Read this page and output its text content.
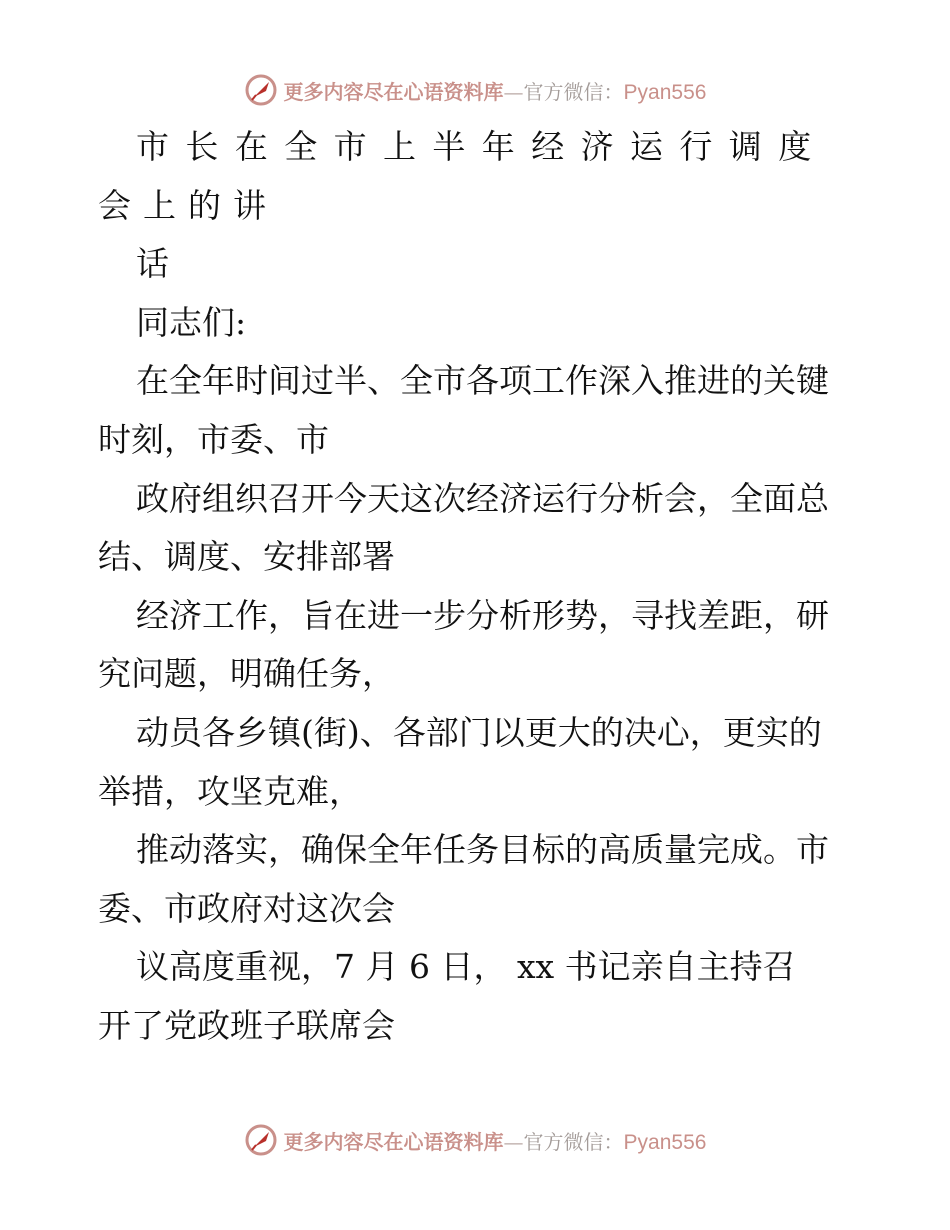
更多内容尽在心语资料库 — 官方微信： Pyan556
市长在全市上半年经济运行调度
会上的讲
话
同志们:
在全年时间过半、全市各项工作深入推进的关键
时刻，市委、市
政府组织召开今天这次经济运行分析会，全面总
结、调度、安排部署
经济工作，旨在进一步分析形势，寻找差距，研
究问题，明确任务，
动员各乡镇(街)、各部门以更大的决心，更实的
举措，攻坚克难，
推动落实，确保全年任务目标的高质量完成。市
委、市政府对这次会
议高度重视，7 月 6 日， xx 书记亲自主持召
开了党政班子联席会
更多内容尽在心语资料库 — 官方微信： Pyan556
